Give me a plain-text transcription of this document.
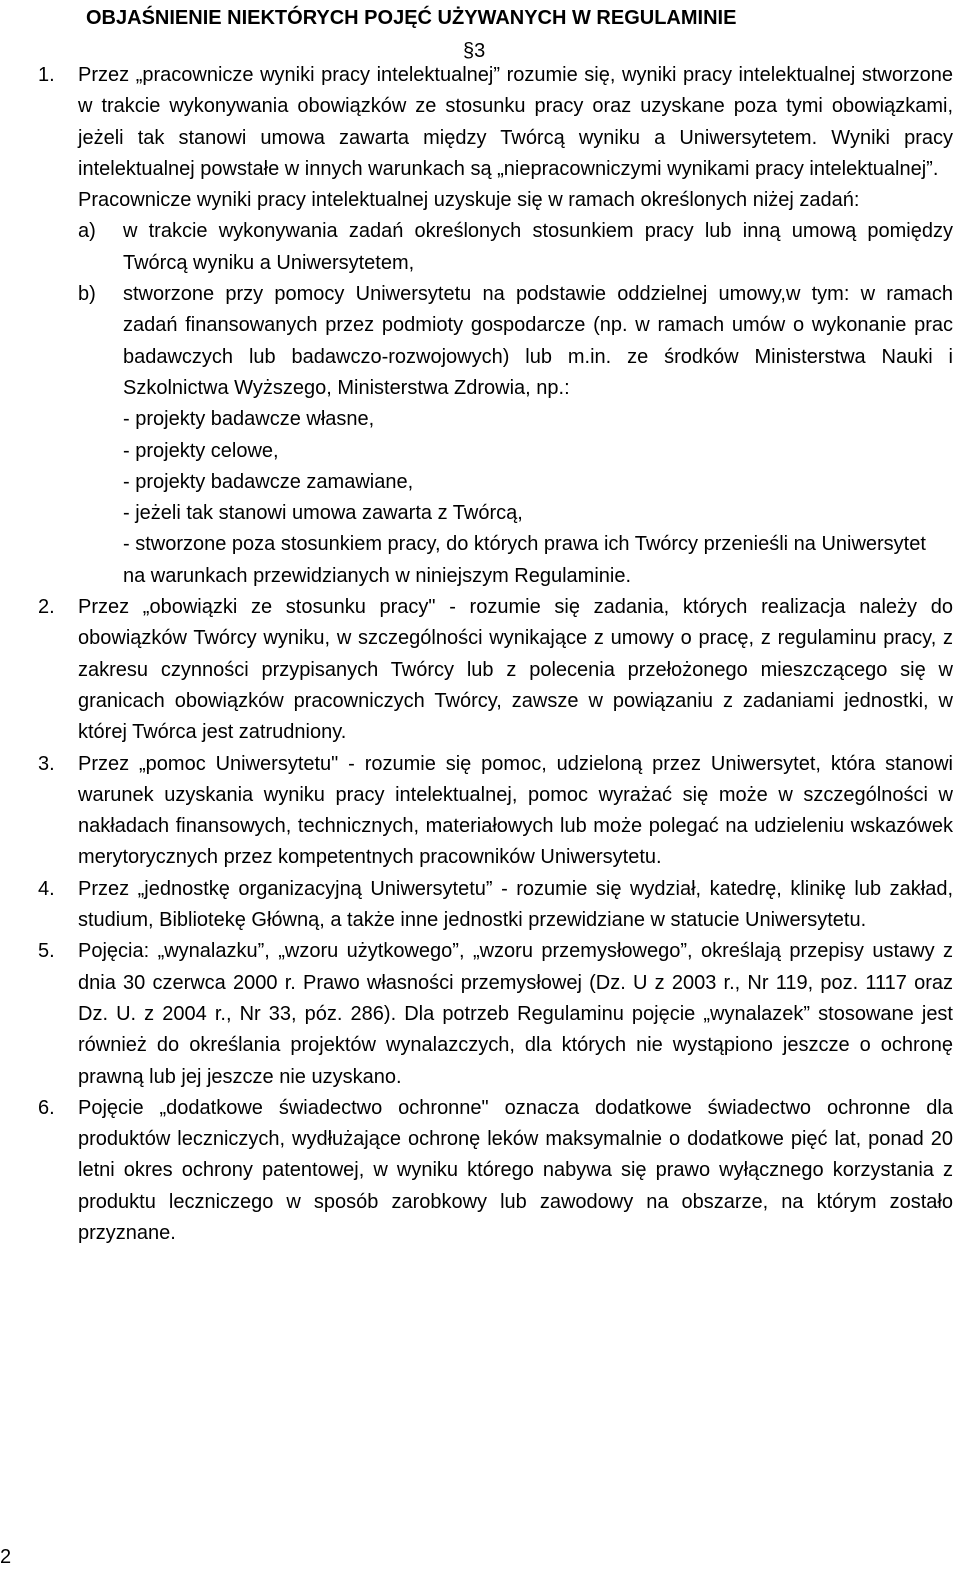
OBJAŚNIENIE NIEKTÓRYCH POJĘĆ UŻYWANYCH W REGULAMINIE
§3
1. Przez „pracownicze wyniki pracy intelektualnej” rozumie się, wyniki pracy intelektualnej stworzone w trakcie wykonywania obowiązków ze stosunku pracy oraz uzyskane poza tymi obowiązkami, jeżeli tak stanowi umowa zawarta między Twórcą wyniku a Uniwersytetem. Wyniki pracy intelektualnej powstałe w innych warunkach są „niepracowniczymi wynikami pracy intelektualnej”.

Pracownicze wyniki pracy intelektualnej uzyskuje się w ramach określonych niżej zadań:

a) w trakcie wykonywania zadań określonych stosunkiem pracy lub inną umową pomiędzy Twórcą wyniku a Uniwersytetem,

b) stworzone przy pomocy Uniwersytetu na podstawie oddzielnej umowy,w tym: w ramach zadań finansowanych przez podmioty gospodarcze (np. w ramach umów o wykonanie prac badawczych lub badawczo-rozwojowych) lub m.in. ze środków Ministerstwa Nauki i Szkolnictwa Wyższego, Ministerstwa Zdrowia, np.:

- projekty badawcze własne,
- projekty celowe,
- projekty badawcze zamawiane,
- jeżeli tak stanowi umowa zawarta z Twórcą,
- stworzone poza stosunkiem pracy, do których prawa ich Twórcy przenieśli na Uniwersytet na warunkach przewidzianych w niniejszym Regulaminie.
2. Przez „obowiązki ze stosunku pracy" - rozumie się zadania, których realizacja należy do obowiązków Twórcy wyniku, w szczególności wynikające z umowy o pracę, z regulaminu pracy, z zakresu czynności przypisanych Twórcy lub z polecenia przełożonego mieszczącego się w granicach obowiązków pracowniczych Twórcy, zawsze w powiązaniu z zadaniami jednostki, w której Twórca jest zatrudniony.

3. Przez „pomoc Uniwersytetu" - rozumie się pomoc, udzieloną przez Uniwersytet, która stanowi warunek uzyskania wyniku pracy intelektualnej, pomoc wyrażać się może w szczególności w nakładach finansowych, technicznych, materiałowych lub może polegać na udzieleniu wskazówek merytorycznych przez kompetentnych pracowników Uniwersytetu.

4. Przez „jednostkę organizacyjną Uniwersytetu” - rozumie się wydział, katedrę, klinikę lub zakład, studium, Bibliotekę Główną, a także inne jednostki przewidziane w statucie Uniwersytetu.

5. Pojęcia: „wynalazku”, „wzoru użytkowego”, „wzoru przemysłowego”, określają przepisy ustawy z dnia 30 czerwca 2000 r. Prawo własności przemysłowej (Dz. U z 2003 r., Nr 119, poz. 1117 oraz Dz. U. z 2004 r., Nr 33, póz. 286). Dla potrzeb Regulaminu pojęcie „wynalazek” stosowane jest również do określania projektów wynalazczych, dla których nie wystąpiono jeszcze o ochronę prawną lub jej jeszcze nie uzyskano.

6. Pojęcie „dodatkowe świadectwo ochronne" oznacza dodatkowe świadectwo ochronne dla produktów leczniczych, wydłużające ochronę leków maksymalnie o dodatkowe pięć lat, ponad 20 letni okres ochrony patentowej, w wyniku którego nabywa się prawo wyłącznego korzystania z produktu leczniczego w sposób zarobkowy lub zawodowy na obszarze, na którym zostało przyznane.

2
